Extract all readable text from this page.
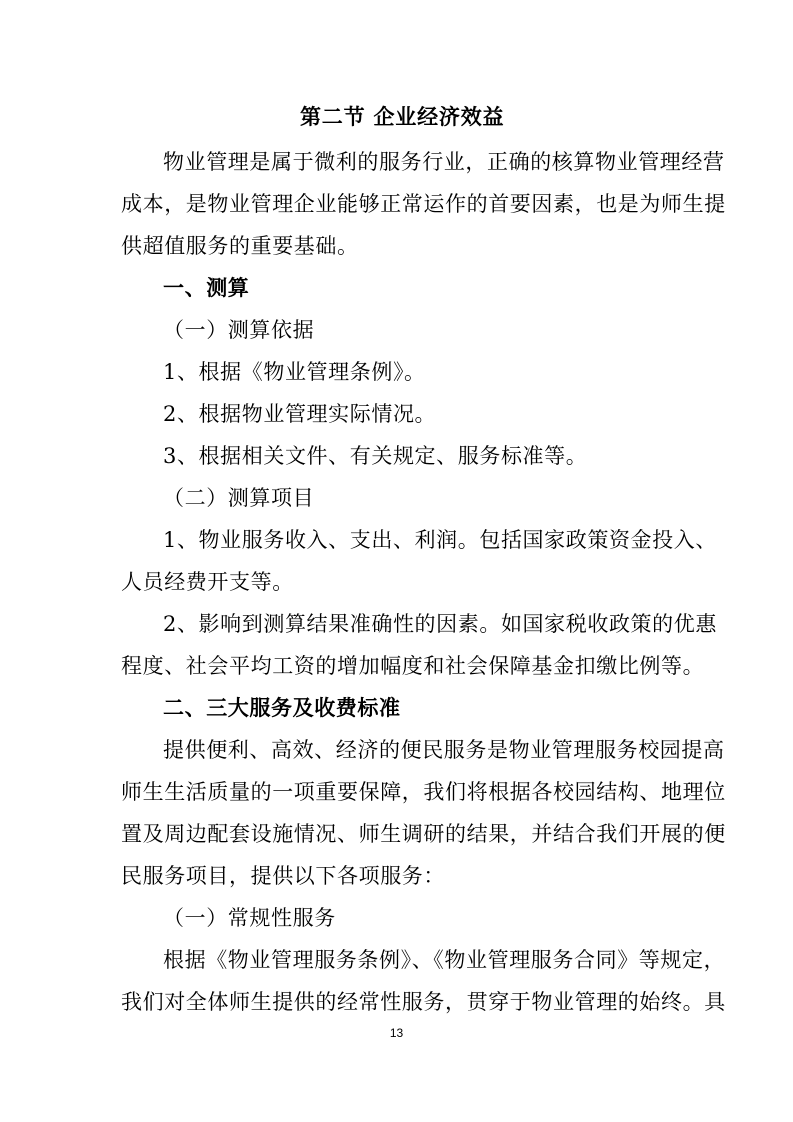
第二节 企业经济效益
物业管理是属于微利的服务行业，正确的核算物业管理经营
成本，是物业管理企业能够正常运作的首要因素，也是为师生提
供超值服务的重要基础。
一、测算
（一）测算依据
1、根据《物业管理条例》。
2、根据物业管理实际情况。
3、根据相关文件、有关规定、服务标准等。
（二）测算项目
1、物业服务收入、支出、利润。包括国家政策资金投入、
人员经费开支等。
2、影响到测算结果准确性的因素。如国家税收政策的优惠
程度、社会平均工资的增加幅度和社会保障基金扣缴比例等。
二、三大服务及收费标准
提供便利、高效、经济的便民服务是物业管理服务校园提高
师生生活质量的一项重要保障，我们将根据各校园结构、地理位
置及周边配套设施情况、师生调研的结果，并结合我们开展的便
民服务项目，提供以下各项服务：
（一）常规性服务
根据《物业管理服务条例》、《物业管理服务合同》等规定，
我们对全体师生提供的经常性服务，贯穿于物业管理的始终。具
13
